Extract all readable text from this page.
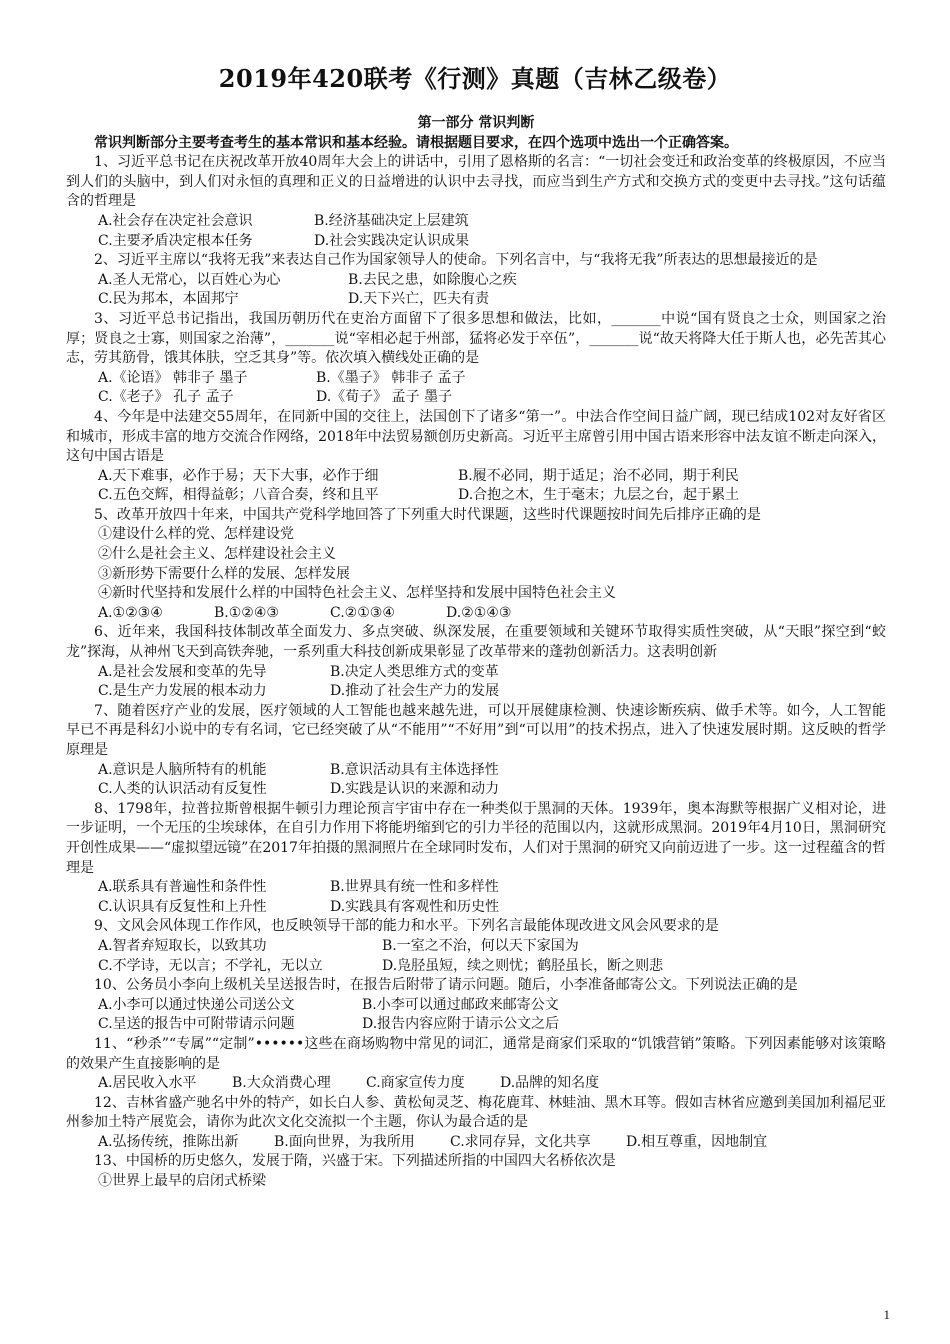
2019年420联考《行测》真题（吉林乙级卷）
第一部分 常识判断
常识判断部分主要考查考生的基本常识和基本经验。请根据题目要求，在四个选项中选出一个正确答案。
1、习近平总书记在庆祝改革开放40周年大会上的讲话中，引用了恩格斯的名言：“一切社会变迁和政治变革的终极原因，不应当到人们的头脑中，到人们对永恒的真理和正义的日益增进的认识中去寻找，而应当到生产方式和交换方式的变更中去寻找。”这句话蕴含的哲理是
A.社会存在决定社会意识	B.经济基础决定上层建筑
C.主要矛盾决定根本任务	D.社会实践决定认识成果
2、习近平主席以“我将无我”来表达自己作为国家领导人的使命。下列名言中，与“我将无我”所表达的思想最接近的是
A.圣人无常心，以百姓心为心	B.去民之患，如除腹心之疾
C.民为邦本，本固邦宁	D.天下兴亡，匹夫有责
3、习近平总书记指出，我国历朝历代在吏治方面留下了很多思想和做法，比如，_______中说“国有贤良之士众，则国家之治厚；贤良之士寡，则国家之治薄”，_______说“宰相必起于州部，猛将必发于卒伍”，_______说“故天将降大任于斯人也，必先苦其心志，劳其筋骨，饿其体肤，空乏其身”等。依次填入横线处正确的是
A.《论语》 韩非子 墨子	B.《墨子》 韩非子 孟子
C.《老子》 孔子 孟子	D.《荀子》 孟子 墨子
4、今年是中法建交55周年，在同新中国的交往上，法国创下了诸多“第一”。中法合作空间日益广阔，现已结成102对友好省区和城市，形成丰富的地方交流合作网络，2018年中法贸易额创历史新高。习近平主席曾引用中国古语来形容中法友谊不断走向深入，这句中国古语是
A.天下难事，必作于易；天下大事，必作于细	B.履不必同，期于适足；治不必同，期于利民
C.五色交辉，相得益彰；八音合奏，终和且平	D.合抱之木，生于毫末；九层之台，起于累土
5、改革开放四十年来，中国共产党科学地回答了下列重大时代课题，这些时代课题按时间先后排序正确的是
①建设什么样的党、怎样建设党
②什么是社会主义、怎样建设社会主义
③新形势下需要什么样的发展、怎样发展
④新时代坚持和发展什么样的中国特色社会主义、怎样坚持和发展中国特色社会主义
A.①②③④	B.①②④③	C.②①③④	D.②①④③
6、近年来，我国科技体制改革全面发力、多点突破、纵深发展，在重要领域和关键环节取得实质性突破，从“天眼”探空到“蛟龙”探海，从神州飞天到高铁奔驰，一系列重大科技创新成果彰显了改革带来的蓬勃创新活力。这表明创新
A.是社会发展和变革的先导	B.决定人类思维方式的变革
C.是生产力发展的根本动力	D.推动了社会生产力的发展
7、随着医疗产业的发展，医疗领域的人工智能也越来越先进，可以开展健康检测、快速诊断疾病、做手术等。如今，人工智能早已不再是科幻小说中的专有名词，它已经突破了从“不能用”“不好用”到“可以用”的技术拐点，进入了快速发展时期。这反映的哲学原理是
A.意识是人脑所特有的机能	B.意识活动具有主体选择性
C.人类的认识活动有反复性	D.实践是认识的来源和动力
8、1798年，拉普拉斯曾根据牛顿引力理论预言宇宙中存在一种类似于黑洞的天体。1939年，奥本海默等根据广义相对论，进一步证明，一个无压的尘埃球体，在自引力作用下将能坍缩到它的引力半径的范围以内，这就形成黑洞。2019年4月10日，黑洞研究开创性成果——“虚拟望远镜”在2017年拍摄的黑洞照片在全球同时发布，人们对于黑洞的研究又向前迈进了一步。这一过程蕴含的哲理是
A.联系具有普遍性和条件性	B.世界具有统一性和多样性
C.认识具有反复性和上升性	D.实践具有客观性和历史性
9、文风会风体现工作作风，也反映领导干部的能力和水平。下列名言最能体现改进文风会风要求的是
A.智者弃短取长，以致其功	B.一室之不治，何以天下家国为
C.不学诗，无以言；不学礼，无以立	D.凫胫虽短，续之则忧；鹤胫虽长，断之则悲
10、公务员小李向上级机关呈送报告时，在报告后附带了请示问题。随后，小李准备邮寄公文。下列说法正确的是
A.小李可以通过快递公司送公文	B.小李可以通过邮政来邮寄公文
C.呈送的报告中可附带请示问题	D.报告内容应附于请示公文之后
11、“秒杀”“专属”“定制”••••••这些在商场购物中常见的词汇，通常是商家们采取的“饥饿营销”策略。下列因素能够对该策略的效果产生直接影响的是
A.居民收入水平	B.大众消费心理	C.商家宣传力度	D.品牌的知名度
12、吉林省盛产驰名中外的特产，如长白人参、黄松甸灵芝、梅花鹿茸、林蛙油、黑木耳等。假如吉林省应邀到美国加利福尼亚州参加土特产展览会，请你为此次文化交流拟一个主题，你认为最合适的是
A.弘扬传统，推陈出新	B.面向世界，为我所用	C.求同存异，文化共享	D.相互尊重，因地制宜
13、中国桥的历史悠久，发展于隋，兴盛于宋。下列描述所指的中国四大名桥依次是
①世界上最早的启闭式桥梁
1
